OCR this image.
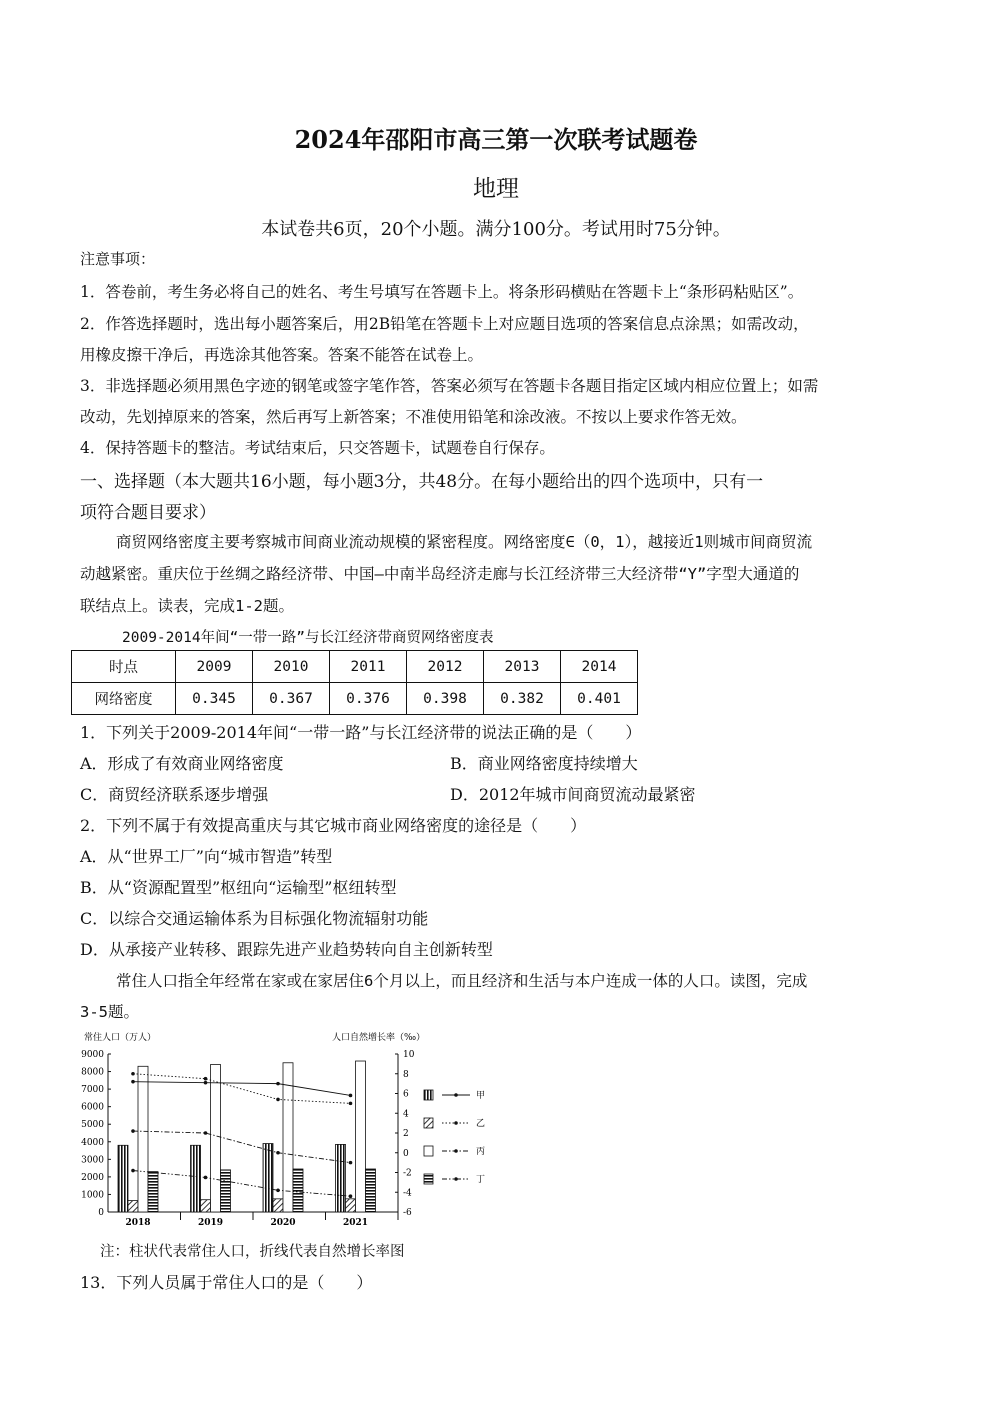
2024年邵阳市高三第一次联考试题卷
地理
本试卷共6页，20个小题。满分100分。考试用时75分钟。
注意事项：
1．答卷前，考生务必将自己的姓名、考生号填写在答题卡上。将条形码横贴在答题卡上“条形码粘贴区”。
2．作答选择题时，选出每小题答案后，用2B铅笔在答题卡上对应题目选项的答案信息点涂黑；如需改动，
用橡皮擦干净后，再选涂其他答案。答案不能答在试卷上。
3．非选择题必须用黑色字迹的钢笔或签字笔作答，答案必须写在答题卡各题目指定区域内相应位置上；如需
改动，先划掉原来的答案，然后再写上新答案；不准使用铅笔和涂改液。不按以上要求作答无效。
4．保持答题卡的整洁。考试结束后，只交答题卡，试题卷自行保存。
一、选择题（本大题共16小题，每小题3分，共48分。在每小题给出的四个选项中，只有一
项符合题目要求）
商贸网络密度主要考察城市间商业流动规模的紧密程度。网络密度∈（0，1），越接近1则城市间商贸流
动越紧密。重庆位于丝绸之路经济带、中国—中南半岛经济走廊与长江经济带三大经济带“Y”字型大通道的
联结点上。读表，完成1-2题。
2009-2014年间“一带一路”与长江经济带商贸网络密度表
时点	2009	2010	2011	2012	2013	2014
网络密度	0.345	0.367	0.376	0.398	0.382	0.401
1．下列关于2009-2014年间“一带一路”与长江经济带的说法正确的是（　　）
A．形成了有效商业网络密度	B．商业网络密度持续增大
C．商贸经济联系逐步增强	D．2012年城市间商贸流动最紧密
2．下列不属于有效提高重庆与其它城市商业网络密度的途径是（　　）
A．从“世界工厂”向“城市智造”转型
B．从“资源配置型”枢纽向“运输型”枢纽转型
C．以综合交通运输体系为目标强化物流辐射功能
D．从承接产业转移、跟踪先进产业趋势转向自主创新转型
常住人口指全年经常在家或在家居住6个月以上，而且经济和生活与本户连成一体的人口。读图，完成
3-5题。
常住人口（万人）	人口自然增长率（‰）
0
1000
2000
3000
4000
5000
6000
7000
8000
9000
-6
-4
-2
0
2
4
6
8
10
2018	2019	2020	2021
甲
乙
丙
丁
注：柱状代表常住人口，折线代表自然增长率图
13．下列人员属于常住人口的是（　　）
